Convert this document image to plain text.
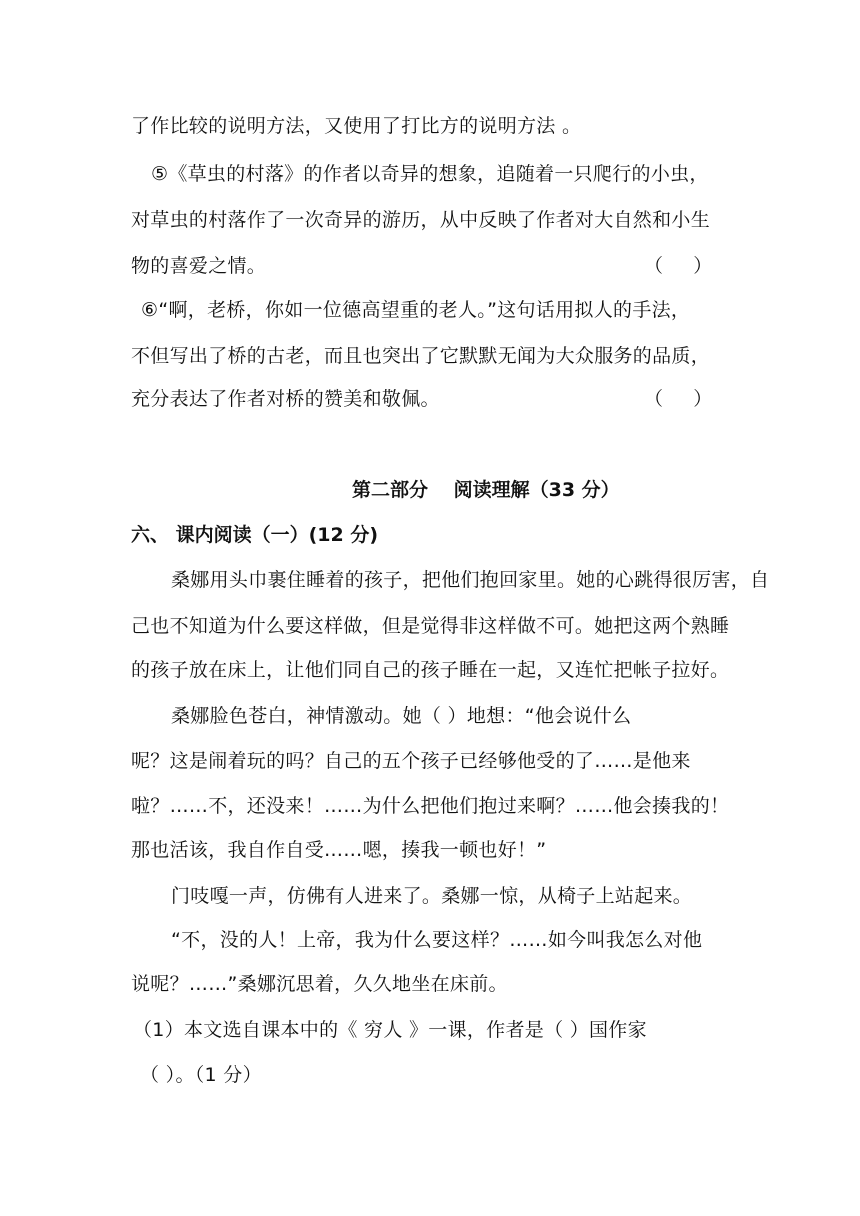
了作比较的说明方法，又使用了打比方的说明方法 。
⑤《草虫的村落》的作者以奇异的想象，追随着一只爬行的小虫，
对草虫的村落作了一次奇异的游历，从中反映了作者对大自然和小生
物的喜爱之情。	（     ）
⑥“啊，老桥，你如一位德高望重的老人。”这句话用拟人的手法，
不但写出了桥的古老，而且也突出了它默默无闻为大众服务的品质，
充分表达了作者对桥的赞美和敬佩。	（     ）
第二部分　 阅读理解（33 分）
六、 课内阅读（一）(12 分)
桑娜用头巾裹住睡着的孩子，把他们抱回家里。她的心跳得很厉害，自
己也不知道为什么要这样做，但是觉得非这样做不可。她把这两个熟睡
的孩子放在床上，让他们同自己的孩子睡在一起，又连忙把帐子拉好。
桑娜脸色苍白，神情激动。她（ ）地想：“他会说什么
呢？这是闹着玩的吗？自己的五个孩子已经够他受的了……是他来
啦？……不，还没来！……为什么把他们抱过来啊？……他会揍我的！
那也活该，我自作自受……嗯，揍我一顿也好！”
门吱嘎一声，仿佛有人进来了。桑娜一惊，从椅子上站起来。
“不，没的人！上帝，我为什么要这样？……如今叫我怎么对他
说呢？……”桑娜沉思着，久久地坐在床前。
（1）本文选自课本中的《 穷人 》一课，作者是（ ）国作家
（ ）。（1 分）
